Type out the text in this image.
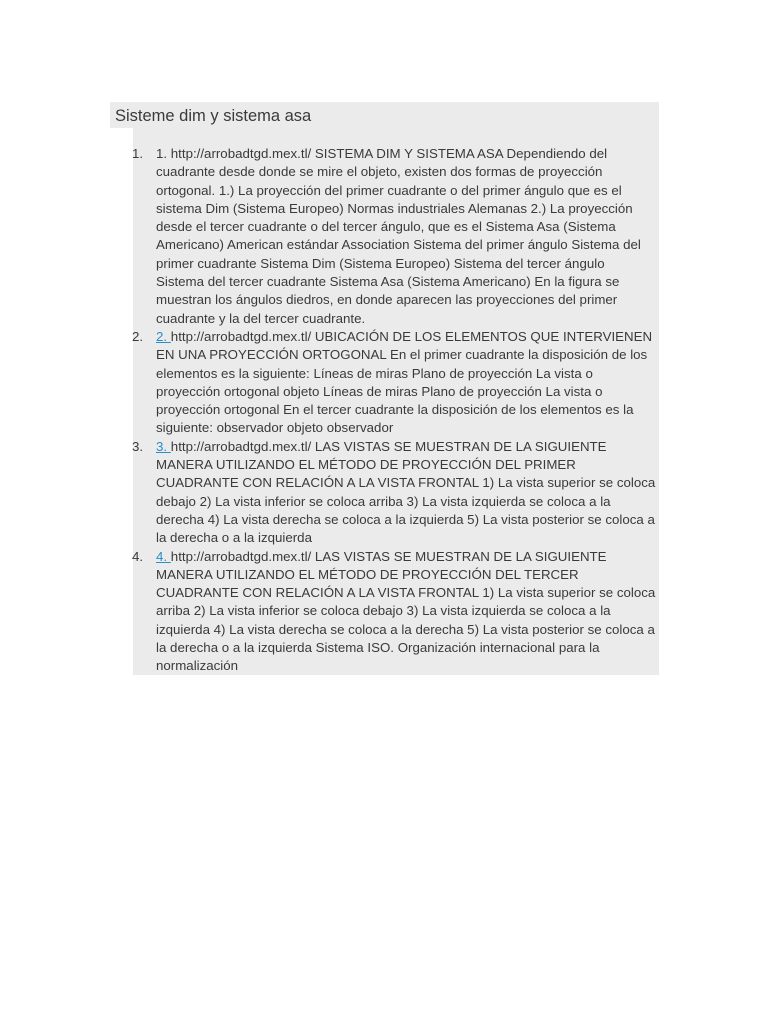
Sisteme dim y sistema asa
1. 1. http://arrobadtgd.mex.tl/ SISTEMA DIM Y SISTEMA ASA Dependiendo del cuadrante desde donde se mire el objeto, existen dos formas de proyección ortogonal. 1.) La proyección del primer cuadrante o del primer ángulo que es el sistema Dim (Sistema Europeo) Normas industriales Alemanas 2.) La proyección desde el tercer cuadrante o del tercer ángulo, que es el Sistema Asa (Sistema Americano) American estándar Association Sistema del primer ángulo Sistema del primer cuadrante Sistema Dim (Sistema Europeo) Sistema del tercer ángulo Sistema del tercer cuadrante Sistema Asa (Sistema Americano) En la figura se muestran los ángulos diedros, en donde aparecen las proyecciones del primer cuadrante y la del tercer cuadrante.
2. 2. http://arrobadtgd.mex.tl/ UBICACIÓN DE LOS ELEMENTOS QUE INTERVIENEN EN UNA PROYECCIÓN ORTOGONAL En el primer cuadrante la disposición de los elementos es la siguiente: Líneas de miras Plano de proyección La vista o proyección ortogonal objeto Líneas de miras Plano de proyección La vista o proyección ortogonal En el tercer cuadrante la disposición de los elementos es la siguiente: observador objeto observador
3. 3. http://arrobadtgd.mex.tl/ LAS VISTAS SE MUESTRAN DE LA SIGUIENTE MANERA UTILIZANDO EL MÉTODO DE PROYECCIÓN DEL PRIMER CUADRANTE CON RELACIÓN A LA VISTA FRONTAL 1) La vista superior se coloca debajo 2) La vista inferior se coloca arriba 3) La vista izquierda se coloca a la derecha 4) La vista derecha se coloca a la izquierda 5) La vista posterior se coloca a la derecha o a la izquierda
4. 4. http://arrobadtgd.mex.tl/ LAS VISTAS SE MUESTRAN DE LA SIGUIENTE MANERA UTILIZANDO EL MÉTODO DE PROYECCIÓN DEL TERCER CUADRANTE CON RELACIÓN A LA VISTA FRONTAL 1) La vista superior se coloca arriba 2) La vista inferior se coloca debajo 3) La vista izquierda se coloca a la izquierda 4) La vista derecha se coloca a la derecha 5) La vista posterior se coloca a la derecha o a la izquierda Sistema ISO. Organización internacional para la normalización
